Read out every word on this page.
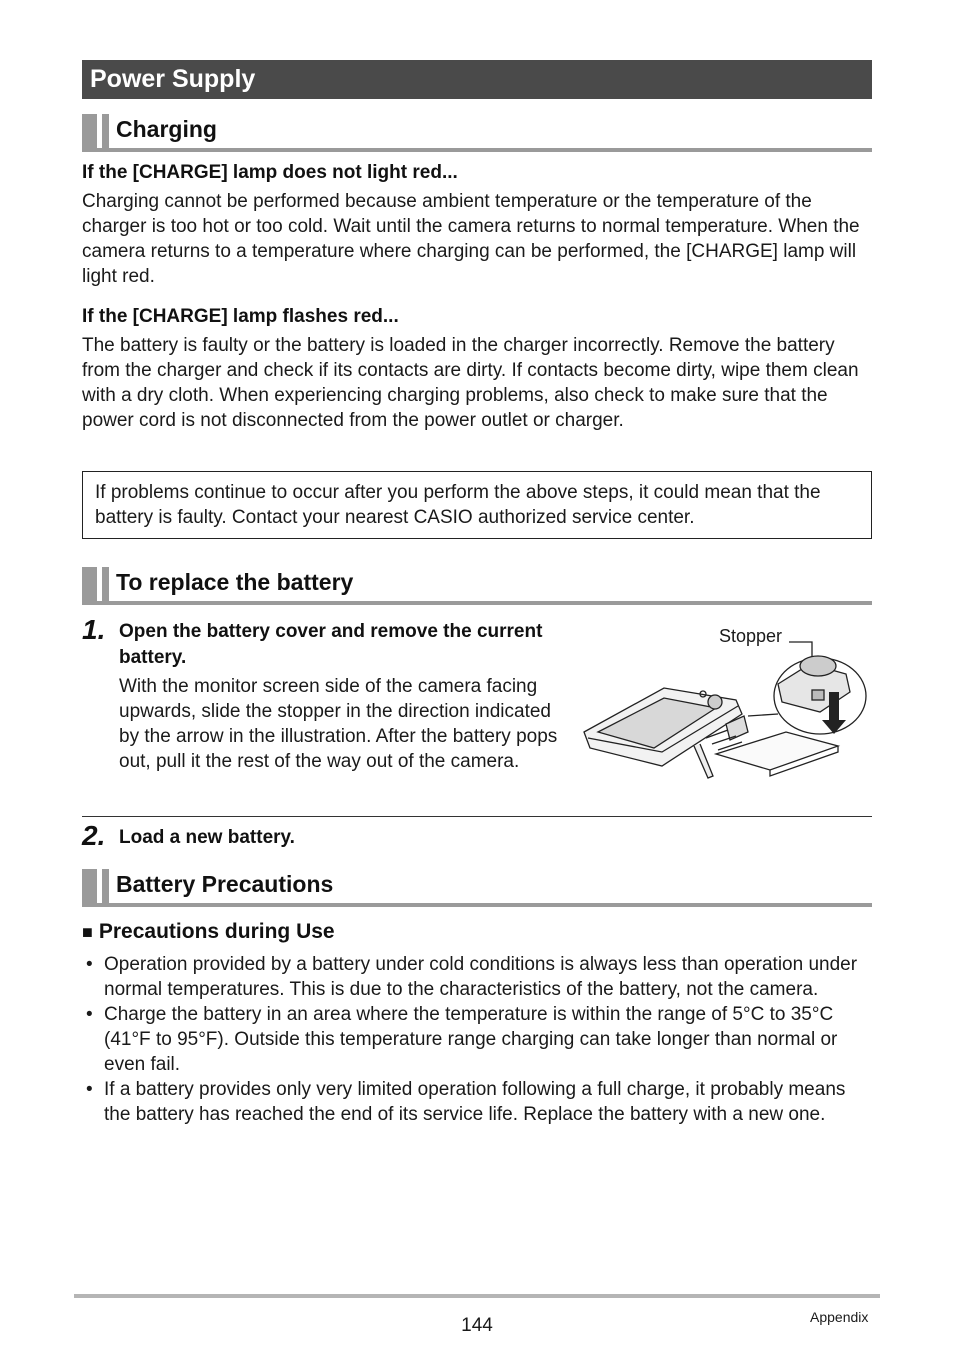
Power Supply
Charging
If the [CHARGE] lamp does not light red...
Charging cannot be performed because ambient temperature or the temperature of the charger is too hot or too cold. Wait until the camera returns to normal temperature. When the camera returns to a temperature where charging can be performed, the [CHARGE] lamp will light red.
If the [CHARGE] lamp flashes red...
The battery is faulty or the battery is loaded in the charger incorrectly. Remove the battery from the charger and check if its contacts are dirty. If contacts become dirty, wipe them clean with a dry cloth. When experiencing charging problems, also check to make sure that the power cord is not disconnected from the power outlet or charger.
If problems continue to occur after you perform the above steps, it could mean that the battery is faulty. Contact your nearest CASIO authorized service center.
To replace the battery
1. Open the battery cover and remove the current battery.
With the monitor screen side of the camera facing upwards, slide the stopper in the direction indicated by the arrow in the illustration. After the battery pops out, pull it the rest of the way out of the camera.
Stopper
2. Load a new battery.
Battery Precautions
■ Precautions during Use
• Operation provided by a battery under cold conditions is always less than operation under normal temperatures. This is due to the characteristics of the battery, not the camera.
• Charge the battery in an area where the temperature is within the range of 5°C to 35°C (41°F to 95°F). Outside this temperature range charging can take longer than normal or even fail.
• If a battery provides only very limited operation following a full charge, it probably means the battery has reached the end of its service life. Replace the battery with a new one.
144	Appendix
